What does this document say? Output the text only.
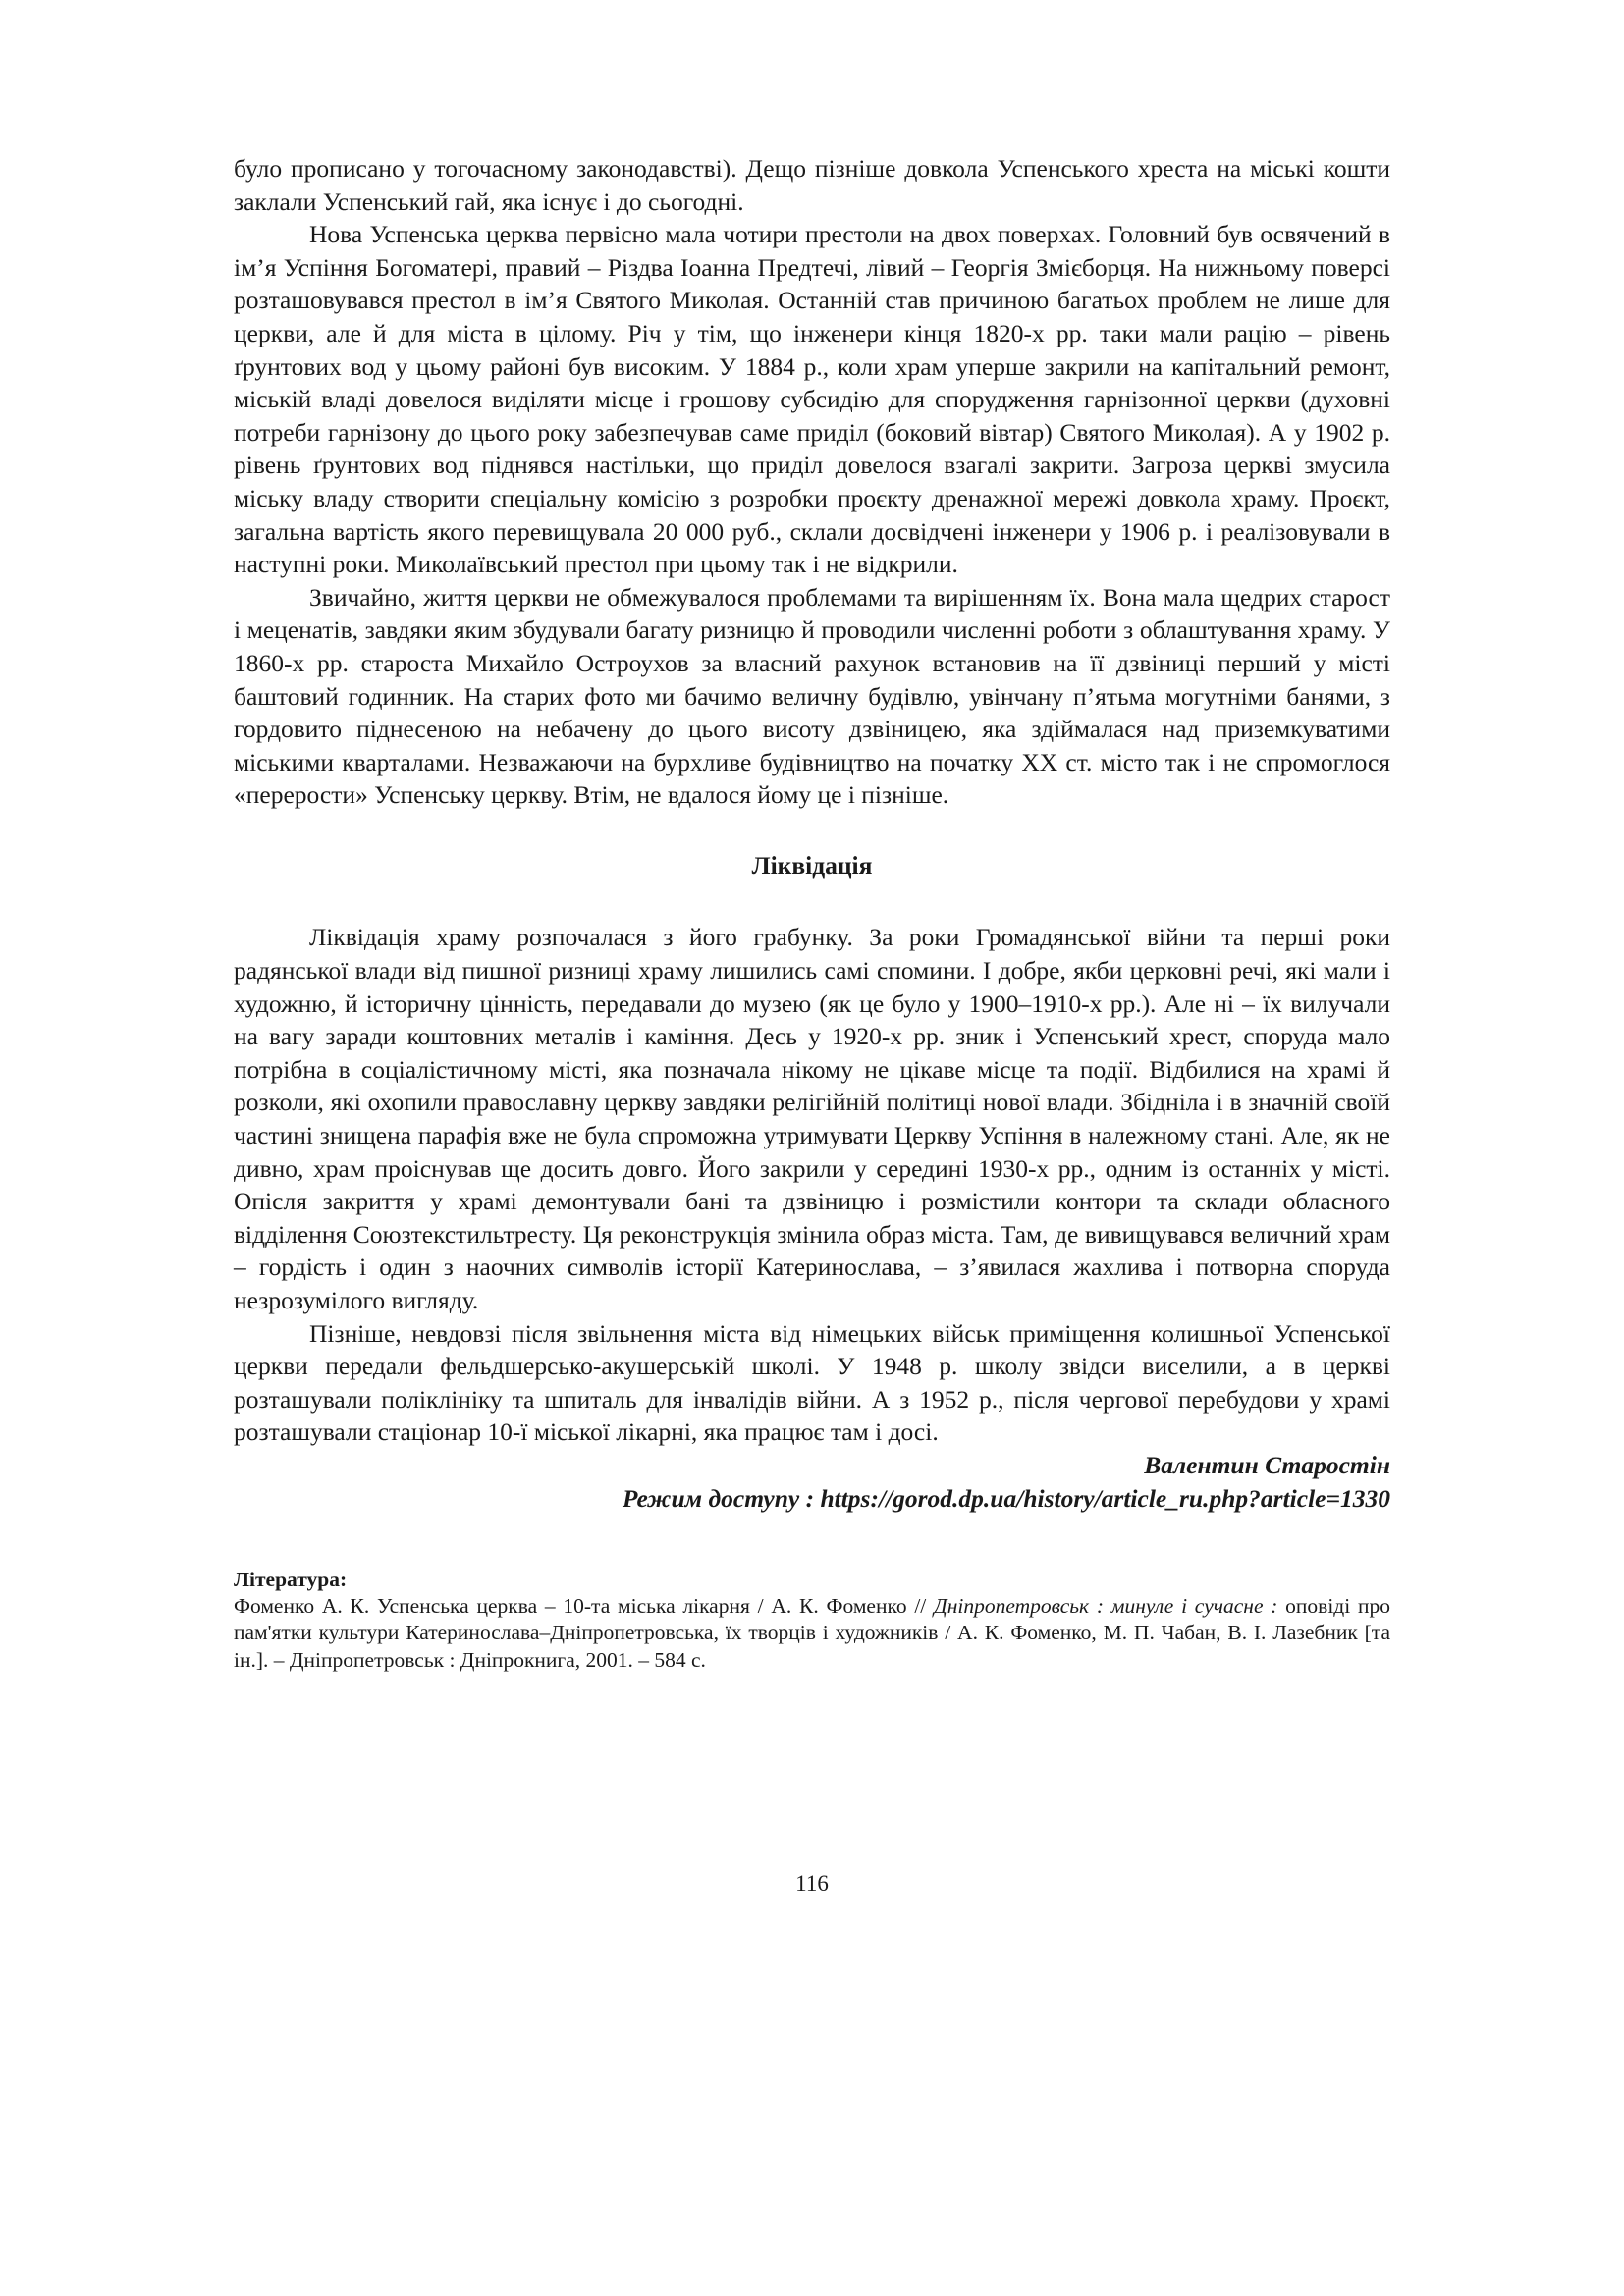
було прописано у тогочасному законодавстві). Дещо пізніше довкола Успенського хреста на міські кошти заклали Успенський гай, яка існує і до сьогодні.

Нова Успенська церква первісно мала чотири престоли на двох поверхах. Головний був освячений в ім’я Успіння Богоматері, правий – Різдва Іоанна Предтечі, лівий – Георгія Змієборця. На нижньому поверсі розташовувався престол в ім’я Святого Миколая. Останній став причиною багатьох проблем не лише для церкви, але й для міста в цілому. Річ у тім, що інженери кінця 1820-х рр. таки мали рацію – рівень ґрунтових вод у цьому районі був високим. У 1884 р., коли храм уперше закрили на капітальний ремонт, міській владі довелося виділяти місце і грошову субсидію для спорудження гарнізонної церкви (духовні потреби гарнізону до цього року забезпечував саме придiл (боковий вівтар) Святого Миколая). А у 1902 р. рівень ґрунтових вод піднявся настільки, що придiл довелося взагалі закрити. Загроза церкві змусила міську владу створити спеціальну комісію з розробки проєкту дренажної мережі довкола храму. Проєкт, загальна вартість якого перевищувала 20 000 руб., склали досвідчені інженери у 1906 р. і реалізовували в наступні роки. Миколаївський престол при цьому так і не відкрили.

Звичайно, життя церкви не обмежувалося проблемами та вирішенням їх. Вона мала щедрих старост і меценатів, завдяки яким збудували багату ризницю й проводили численні роботи з облаштування храму. У 1860-х рр. староста Михайло Остроухов за власний рахунок встановив на її дзвіниці перший у місті баштовий годинник. На старих фото ми бачимо величну будівлю, увінчану п’ятьма могутніми банями, з гордовито піднесеною на небачену до цього висоту дзвіницею, яка здіймалася над приземкуватими міськими кварталами. Незважаючи на бурхливе будівництво на початку ХХ ст. місто так і не спромоглося «перерости» Успенську церкву. Втім, не вдалося йому це і пізніше.

Ліквідація

Ліквідація храму розпочалася з його грабунку. За роки Громадянської війни та перші роки радянської влади від пишної ризниці храму лишились самі спомини. І добре, якби церковні речі, які мали і художню, й історичну цінність, передавали до музею (як це було у 1900–1910-х рр.). Але ні – їх вилучали на вагу заради коштовних металів і каміння. Десь у 1920-х рр. зник і Успенський хрест, споруда мало потрібна в соціалістичному місті, яка позначала нікому не цікаве місце та події. Відбилися на храмі й розколи, які охопили православну церкву завдяки релігійній політиці нової влади. Збідніла і в значній своїй частині знищена парафія вже не була спроможна утримувати Церкву Успіння в належному стані. Але, як не дивно, храм проіснував ще досить довго. Його закрили у середині 1930-х рр., одним із останніх у місті. Опісля закриття у храмі демонтували бані та дзвіницю і розмістили контори та склади обласного відділення Союзтекстильтресту. Ця реконструкція змінила образ міста. Там, де вивищувався величний храм – гордість і один з наочних символів історії Катеринослава, – з’явилася жахлива і потворна споруда незрозумілого вигляду.

Пізніше, невдовзі після звільнення міста від німецьких військ приміщення колишньої Успенської церкви передали фельдшерсько-акушерській школі. У 1948 р. школу звідси виселили, а в церкві розташували поліклініку та шпиталь для інвалідів війни. А з 1952 р., після чергової перебудови у храмі розташували стаціонар 10-ї міської лікарні, яка працює там і досі.

Валентин Старостін

Режим доступу : https://gorod.dp.ua/history/article_ru.php?article=1330

Література:

Фоменко А. К. Успенська церква – 10-та міська лікарня / А. К. Фоменко // Дніпропетровськ : минуле і сучасне : оповіді про пам'ятки культури Катеринослава–Дніпропетровська, їх творців і художників / А. К. Фоменко, М. П. Чабан, В. І. Лазебник [та ін.]. – Дніпропетровськ : Дніпрокнига, 2001. – 584 с.

116
